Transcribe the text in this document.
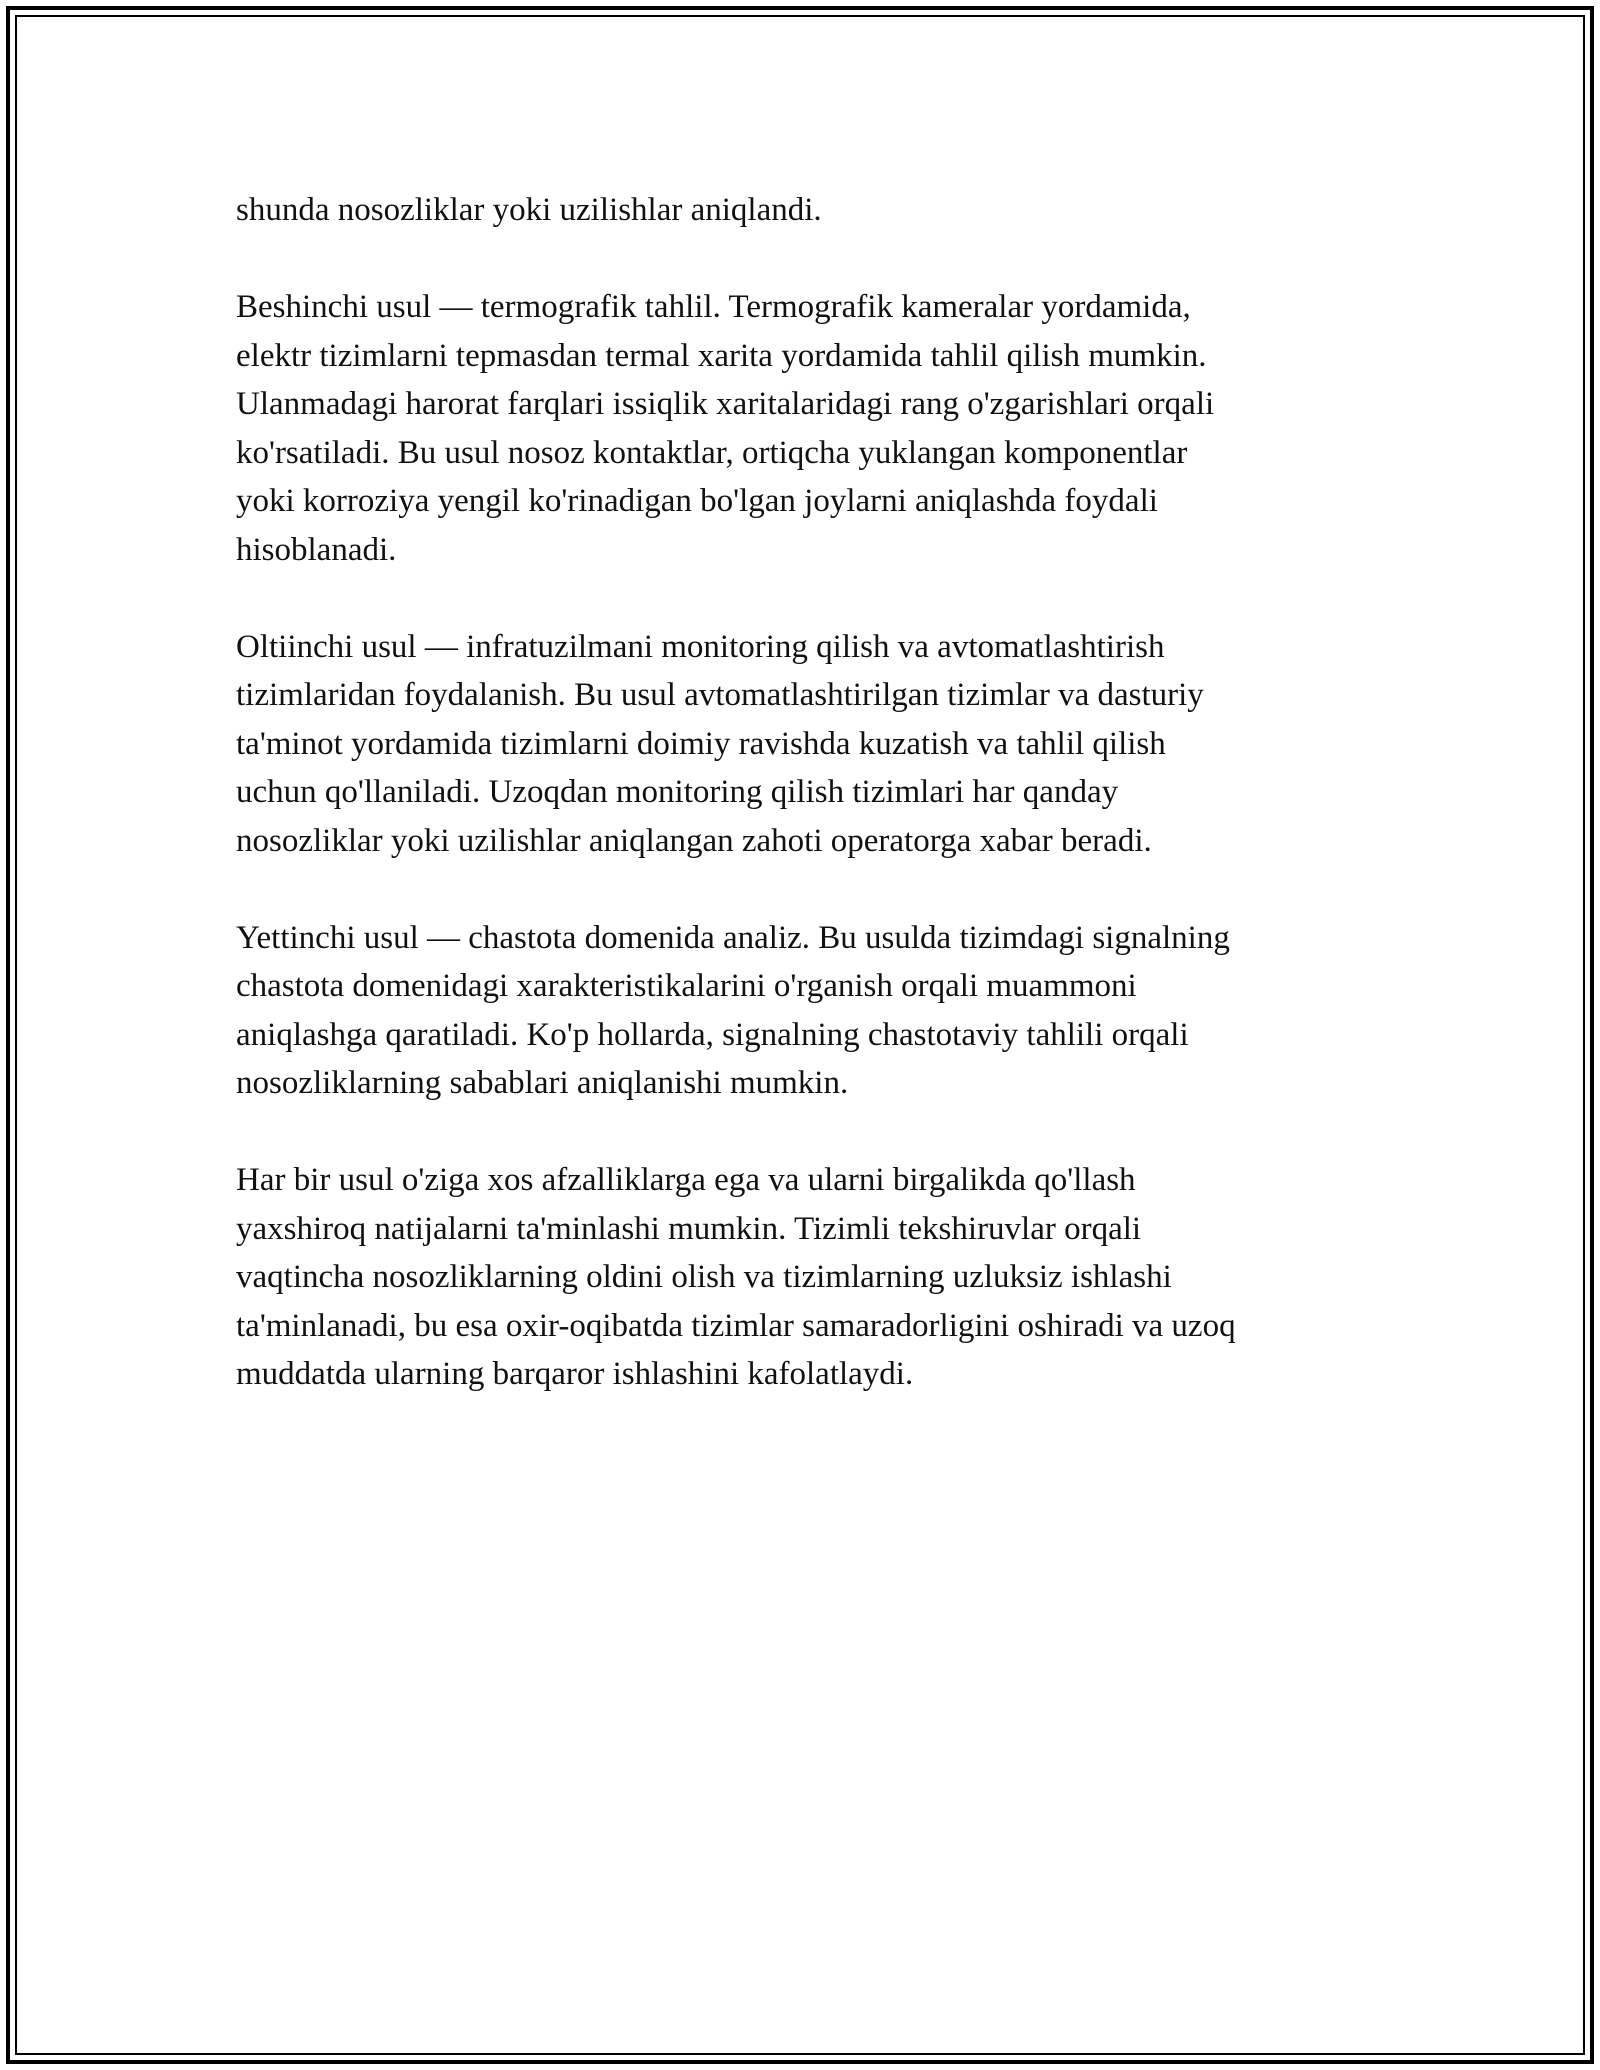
shunda nosozliklar yoki uzilishlar aniqlandi.

Beshinchi usul — termografik tahlil. Termografik kameralar yordamida,
elektr tizimlarni tepmasdan termal xarita yordamida tahlil qilish mumkin.
Ulanmadagi harorat farqlari issiqlik xaritalaridagi rang o'zgarishlari orqali
ko'rsatiladi. Bu usul nosoz kontaktlar, ortiqcha yuklangan komponentlar
yoki korroziya yengil ko'rinadigan bo'lgan joylarni aniqlashda foydali
hisoblanadi.

Oltiinchi usul — infratuzilmani monitoring qilish va avtomatlashtirish
tizimlaridan foydalanish. Bu usul avtomatlashtirilgan tizimlar va dasturiy
ta'minot yordamida tizimlarni doimiy ravishda kuzatish va tahlil qilish
uchun qo'llaniladi. Uzoqdan monitoring qilish tizimlari har qanday
nosozliklar yoki uzilishlar aniqlangan zahoti operatorga xabar beradi.

Yettinchi usul — chastota domenida analiz. Bu usulda tizimdagi signalning
chastota domenidagi xarakteristikalarini o'rganish orqali muammoni
aniqlashga qaratiladi. Ko'p hollarda, signalning chastotaviy tahlili orqali
nosozliklarning sabablari aniqlanishi mumkin.

Har bir usul o'ziga xos afzalliklarga ega va ularni birgalikda qo'llash
yaxshiroq natijalarni ta'minlashi mumkin. Tizimli tekshiruvlar orqali
vaqtincha nosozliklarning oldini olish va tizimlarning uzluksiz ishlashi
ta'minlanadi, bu esa oxir-oqibatda tizimlar samaradorligini oshiradi va uzoq
muddatda ularning barqaror ishlashini kafolatlaydi.
